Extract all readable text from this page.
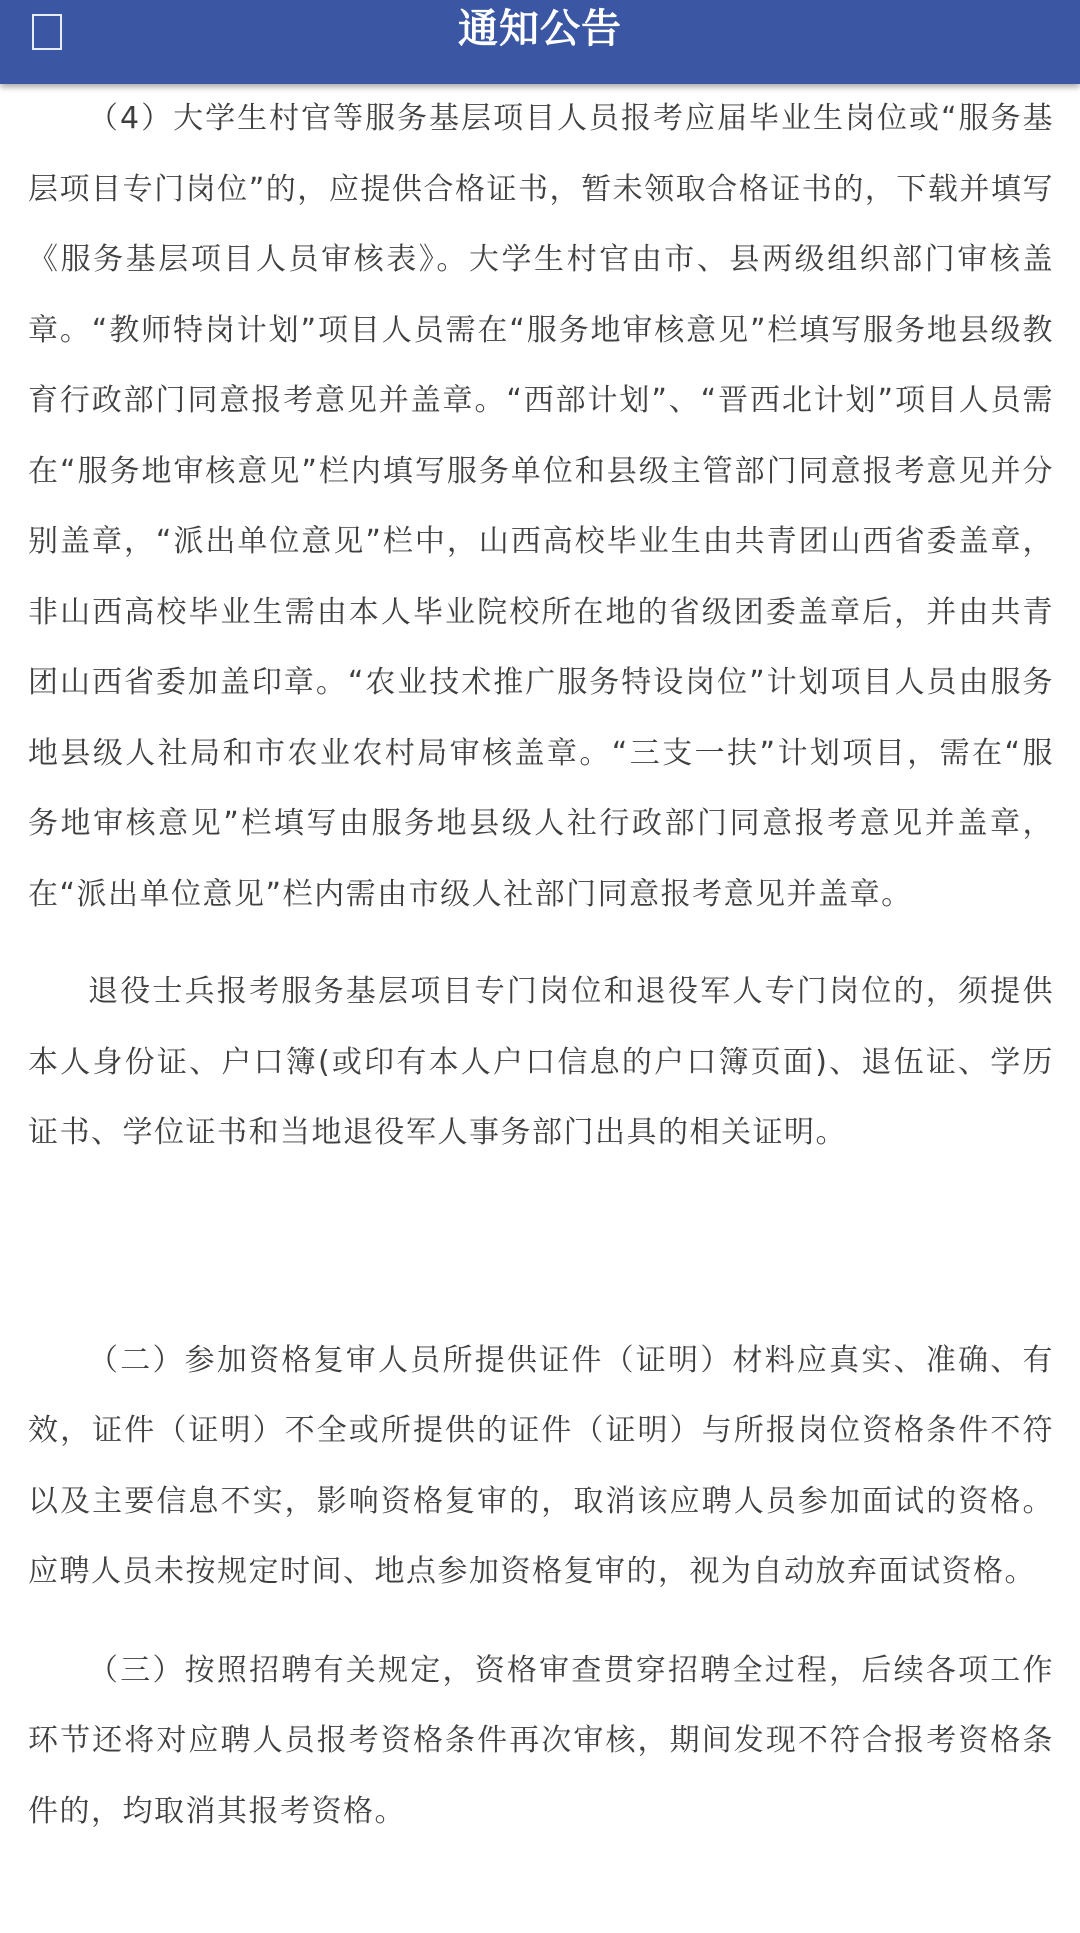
通知公告

（4）大学生村官等服务基层项目人员报考应届毕业生岗位或“服务基层项目专门岗位”的，应提供合格证书，暂未领取合格证书的，下载并填写《服务基层项目人员审核表》。大学生村官由市、县两级组织部门审核盖章。“教师特岗计划”项目人员需在“服务地审核意见”栏填写服务地县级教育行政部门同意报考意见并盖章。“西部计划”、“晋西北计划”项目人员需在“服务地审核意见”栏内填写服务单位和县级主管部门同意报考意见并分别盖章，“派出单位意见”栏中，山西高校毕业生由共青团山西省委盖章，非山西高校毕业生需由本人毕业院校所在地的省级团委盖章后，并由共青团山西省委加盖印章。“农业技术推广服务特设岗位”计划项目人员由服务地县级人社局和市农业农村局审核盖章。“三支一扶”计划项目，需在“服务地审核意见”栏填写由服务地县级人社行政部门同意报考意见并盖章，在“派出单位意见”栏内需由市级人社部门同意报考意见并盖章。

退役士兵报考服务基层项目专门岗位和退役军人专门岗位的，须提供本人身份证、户口簿(或印有本人户口信息的户口簿页面)、退伍证、学历证书、学位证书和当地退役军人事务部门出具的相关证明。

（二）参加资格复审人员所提供证件（证明）材料应真实、准确、有效，证件（证明）不全或所提供的证件（证明）与所报岗位资格条件不符以及主要信息不实，影响资格复审的，取消该应聘人员参加面试的资格。应聘人员未按规定时间、地点参加资格复审的，视为自动放弃面试资格。

（三）按照招聘有关规定，资格审查贯穿招聘全过程，后续各项工作环节还将对应聘人员报考资格条件再次审核，期间发现不符合报考资格条件的，均取消其报考资格。
